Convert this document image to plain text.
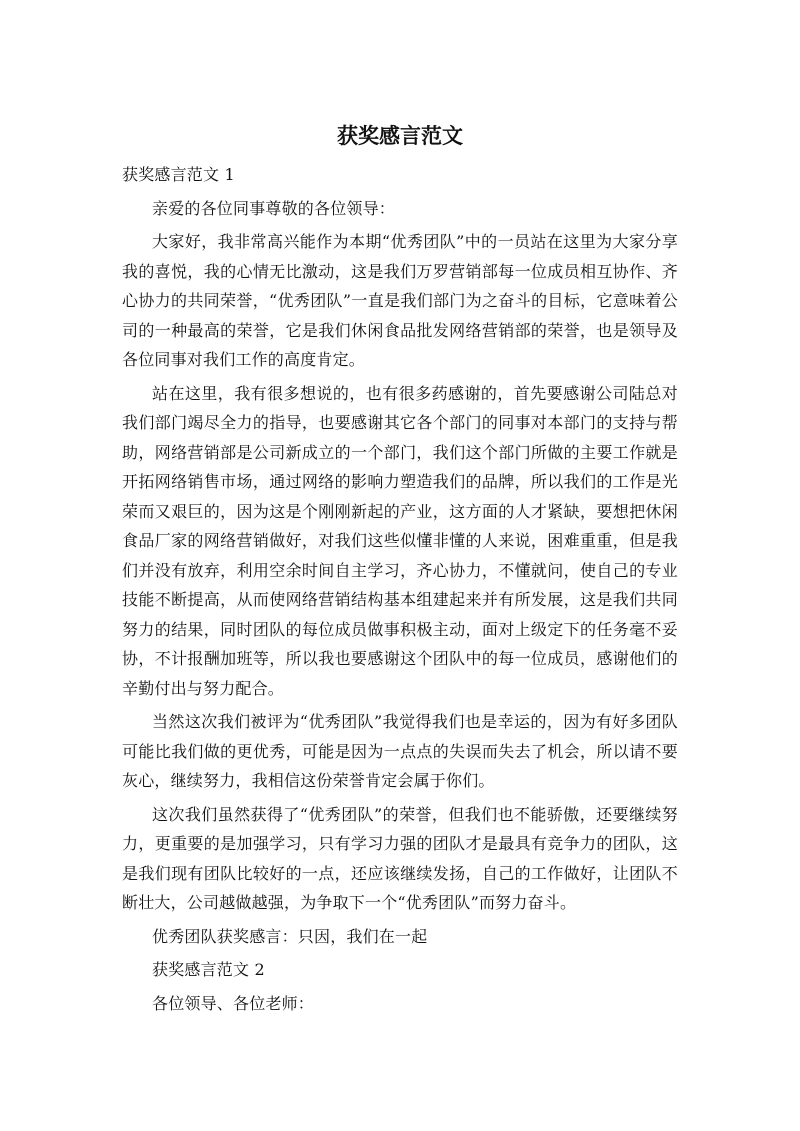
获奖感言范文

获奖感言范文 1

亲爱的各位同事尊敬的各位领导：

大家好，我非常高兴能作为本期“优秀团队”中的一员站在这里为大家分享我的喜悦，我的心情无比激动，这是我们万罗营销部每一位成员相互协作、齐心协力的共同荣誉，“优秀团队”一直是我们部门为之奋斗的目标，它意味着公司的一种最高的荣誉，它是我们休闲食品批发网络营销部的荣誉，也是领导及各位同事对我们工作的高度肯定。

站在这里，我有很多想说的，也有很多药感谢的，首先要感谢公司陆总对我们部门竭尽全力的指导，也要感谢其它各个部门的同事对本部门的支持与帮助，网络营销部是公司新成立的一个部门，我们这个部门所做的主要工作就是开拓网络销售市场，通过网络的影响力塑造我们的品牌，所以我们的工作是光荣而又艰巨的，因为这是个刚刚新起的产业，这方面的人才紧缺，要想把休闲食品厂家的网络营销做好，对我们这些似懂非懂的人来说，困难重重，但是我们并没有放弃，利用空余时间自主学习，齐心协力，不懂就问，使自己的专业技能不断提高，从而使网络营销结构基本组建起来并有所发展，这是我们共同努力的结果，同时团队的每位成员做事积极主动，面对上级定下的任务毫不妥协，不计报酬加班等，所以我也要感谢这个团队中的每一位成员，感谢他们的辛勤付出与努力配合。

当然这次我们被评为“优秀团队”我觉得我们也是幸运的，因为有好多团队可能比我们做的更优秀，可能是因为一点点的失误而失去了机会，所以请不要灰心，继续努力，我相信这份荣誉肯定会属于你们。

这次我们虽然获得了“优秀团队”的荣誉，但我们也不能骄傲，还要继续努力，更重要的是加强学习，只有学习力强的团队才是最具有竞争力的团队，这是我们现有团队比较好的一点，还应该继续发扬，自己的工作做好，让团队不断壮大，公司越做越强，为争取下一个“优秀团队”而努力奋斗。

优秀团队获奖感言：只因，我们在一起

获奖感言范文 2

各位领导、各位老师：
